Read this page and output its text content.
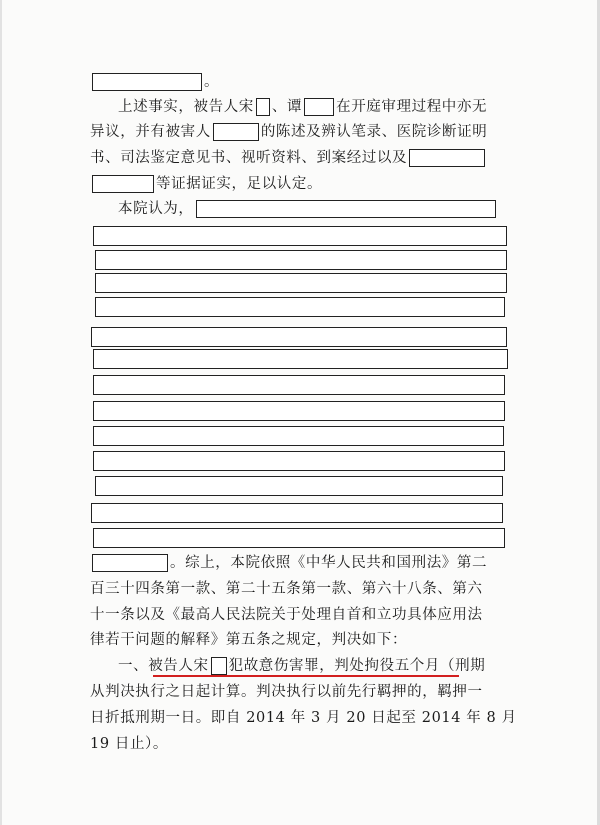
。
上述事实，被告人宋 、谭 在开庭审理过程中亦无
异议，并有被害人	的陈述及辨认笔录、医院诊断证明
书、司法鉴定意见书、视听资料、到案经过以及
等证据证实，足以认定。
本院认为，
。综上，本院依照《中华人民共和国刑法》第二
百三十四条第一款、第二十五条第一款、第六十八条、第六
十一条以及《最高人民法院关于处理自首和立功具体应用法
律若干问题的解释》第五条之规定，判决如下：
一、被告人宋 犯故意伤害罪，判处拘役五个月（刑期
从判决执行之日起计算。判决执行以前先行羁押的，羁押一
日折抵刑期一日。即自 2014 年 3 月 20 日起至 2014 年 8 月
19 日止）。
